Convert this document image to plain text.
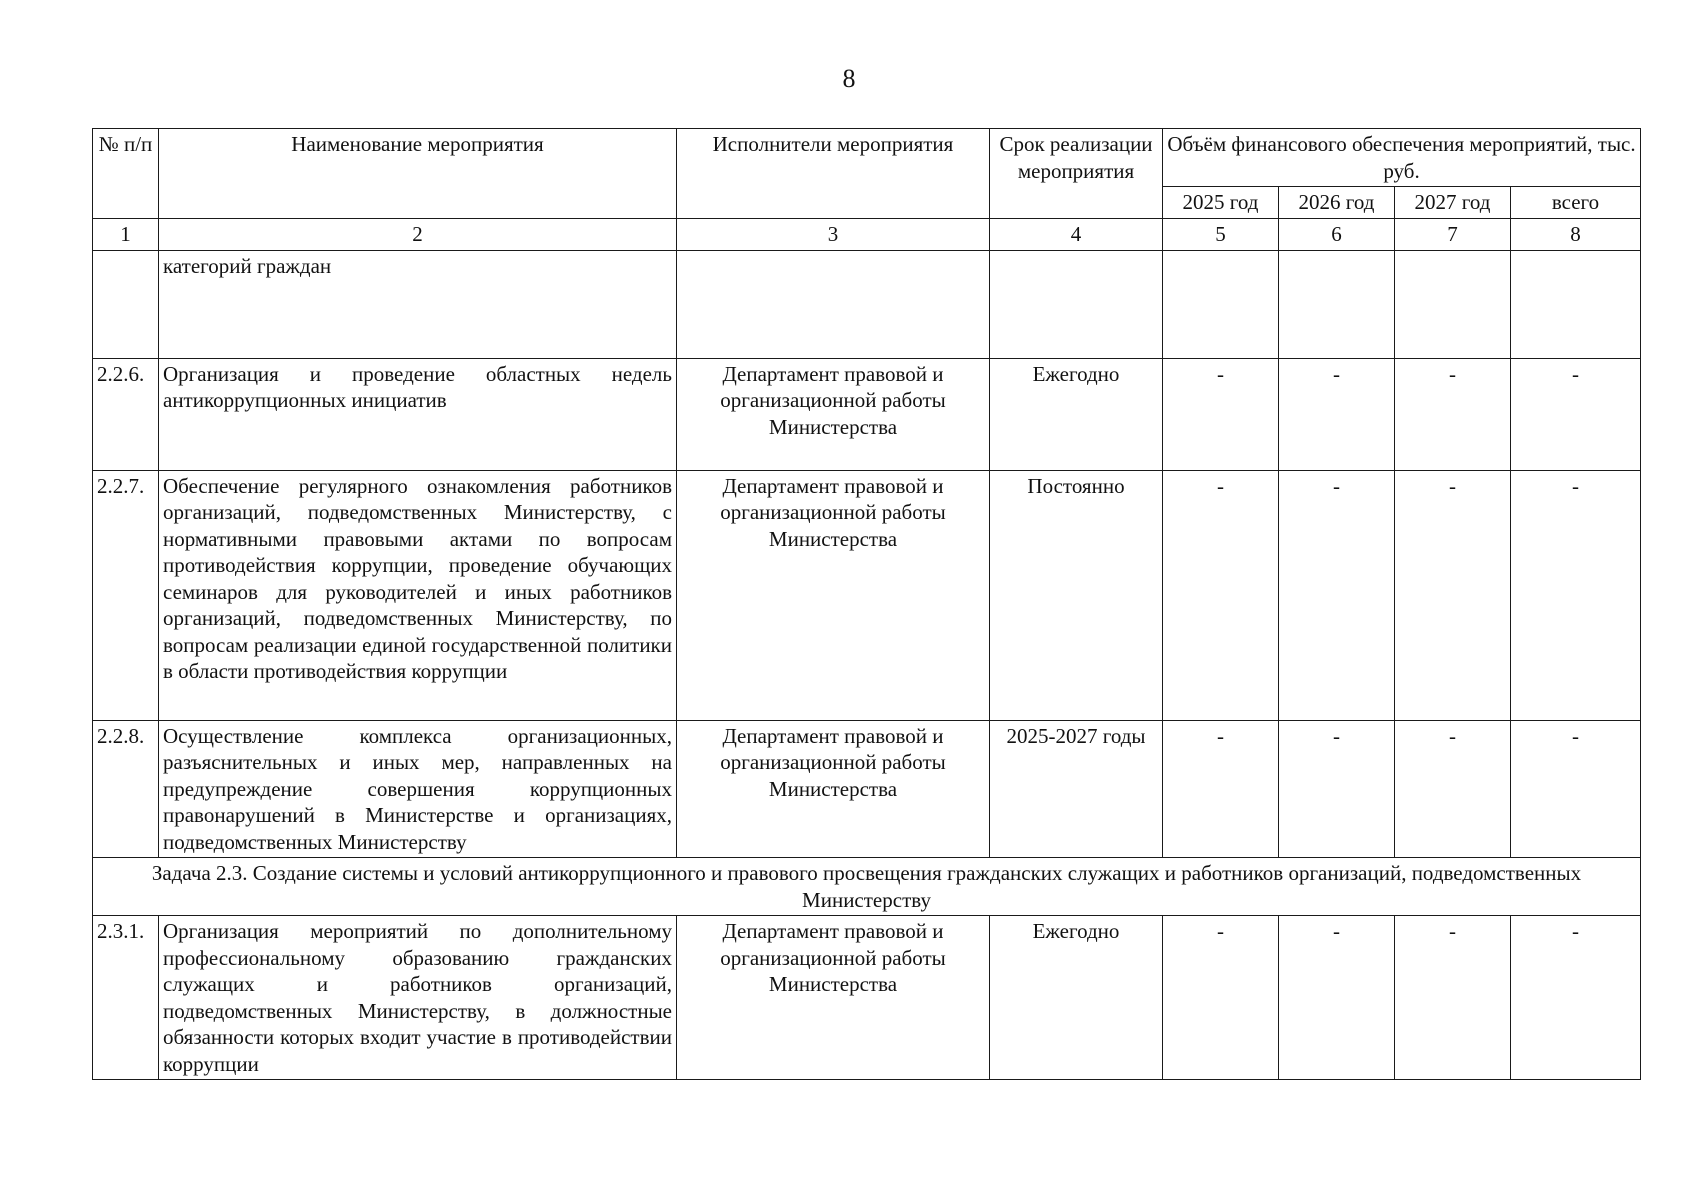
8
№ п/п	Наименование мероприятия	Исполнители мероприятия	Срок реализации мероприятия	Объём финансового обеспечения мероприятий, тыс. руб.			
				2025 год	2026 год	2027 год	всего
1	2	3	4	5	6	7	8
	категорий граждан						
2.2.6.	Организация и проведение областных недель антикоррупционных инициатив	Департамент правовой и организационной работы Министерства	Ежегодно	-	-	-	-
2.2.7.	Обеспечение регулярного ознакомления работников организаций, подведомственных Министерству, с нормативными правовыми актами по вопросам противодействия коррупции, проведение обучающих семинаров для руководителей и иных работников организаций, подведомственных Министерству, по вопросам реализации единой государственной политики в области противодействия коррупции	Департамент правовой и организационной работы Министерства	Постоянно	-	-	-	-
2.2.8.	Осуществление комплекса организационных, разъяснительных и иных мер, направленных на предупреждение совершения коррупционных правонарушений в Министерстве и организациях, подведомственных Министерству	Департамент правовой и организационной работы Министерства	2025-2027 годы	-	-	-	-

Задача 2.3. Создание системы и условий антикоррупционного и правового просвещения гражданских служащих и работников организаций, подведомственных Министерству							

2.3.1.	Организация мероприятий по дополнительному профессиональному образованию гражданских служащих и работников организаций, подведомственных Министерству, в должностные обязанности которых входит участие в противодействии коррупции	Департамент правовой и организационной работы Министерства	Ежегодно	-	-	-	-
